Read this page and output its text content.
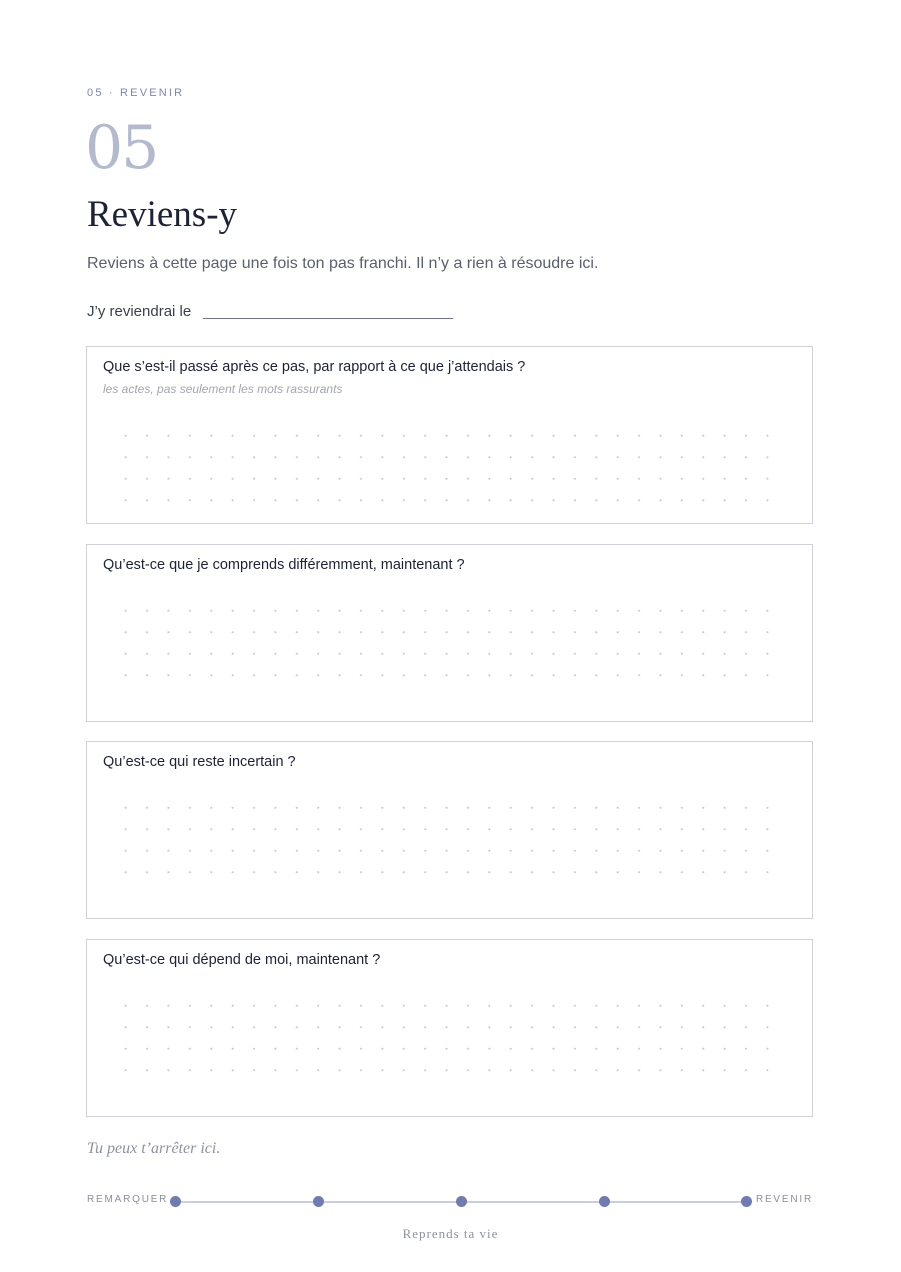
05 · REVENIR
05
Reviens-y
Reviens à cette page une fois ton pas franchi. Il n’y a rien à résoudre ici.
J’y reviendrai le
Que s’est-il passé après ce pas, par rapport à ce que j’attendais ?
les actes, pas seulement les mots rassurants
Qu’est-ce que je comprends différemment, maintenant ?
Qu’est-ce qui reste incertain ?
Qu’est-ce qui dépend de moi, maintenant ?
Tu peux t’arrêter ici.
REMARQUER	REVENIR
Reprends ta vie
